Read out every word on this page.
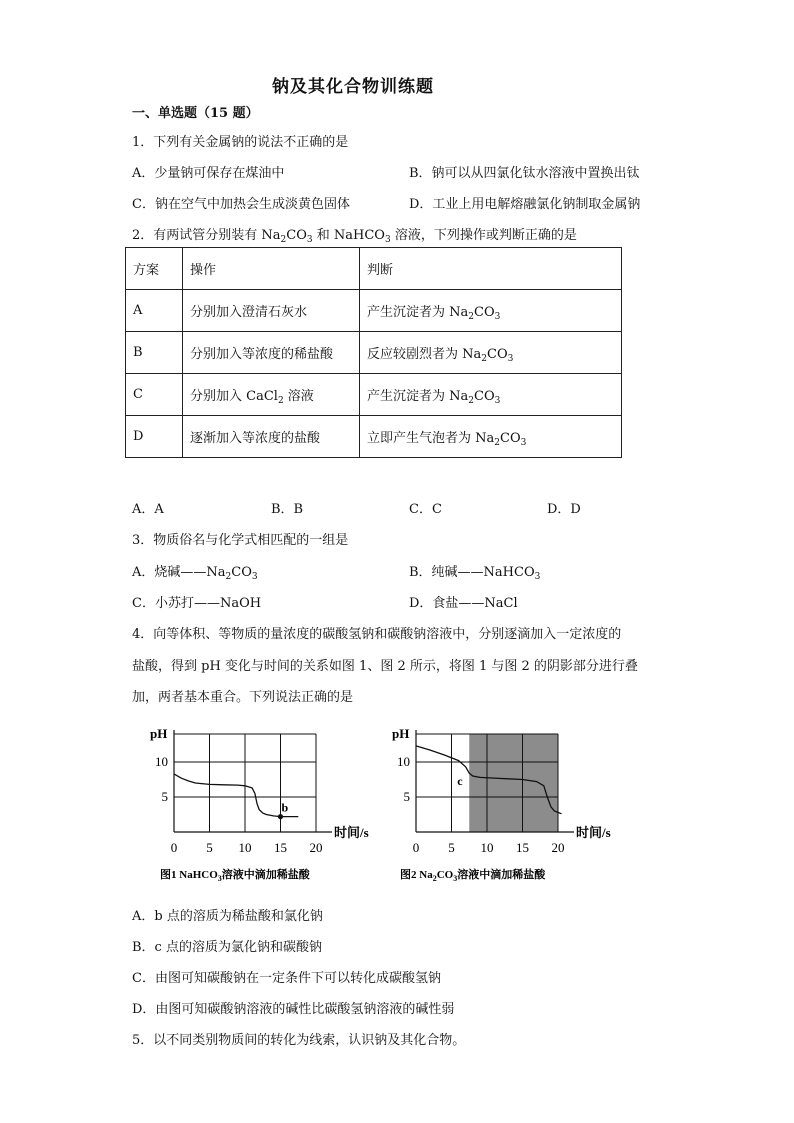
钠及其化合物训练题
一、单选题（15 题）
1．下列有关金属钠的说法不正确的是
A．少量钠可保存在煤油中	B．钠可以从四氯化钛水溶液中置换出钛
C．钠在空气中加热会生成淡黄色固体	D．工业上用电解熔融氯化钠制取金属钠
2．有两试管分别装有 $Na_2CO_3$ 和 NaHCO$_3$ 溶液，下列操作或判断正确的是
方案	操作	判断
A	分别加入澄清石灰水	产生沉淀者为 $Na_2CO_3$
B	分别加入等浓度的稀盐酸	反应较剧烈者为 $Na_2CO_3$
C	分别加入 CaCl$_2$ 溶液	产生沉淀者为 $Na_2CO_3$
D	逐渐加入等浓度的盐酸	立即产生气泡者为 $Na_2CO_3$
A．A	B．B	C．C	D．D
3．物质俗名与化学式相匹配的一组是
A．烧碱$——Na_2CO_3$	B．纯碱——NaHCO$_3$
C．小苏打——NaOH	D．食盐——NaCl
4．向等体积、等物质的量浓度的碳酸氢钠和碳酸钠溶液中，分别逐滴加入一定浓度的
盐酸，得到 pH 变化与时间的关系如图 1、图 2 所示，将图 1 与图 2 的阴影部分进行叠
加，两者基本重合。下列说法正确的是
pH
时间/s
0 5 10 15 20
5
10
b
图1 NaHCO$_3$溶液中滴加稀盐酸
pH
时间/s
0 5 10 15 20
5
10
c
图2 $Na_2CO_3$溶液中滴加稀盐酸
A．b 点的溶质为稀盐酸和氯化钠
B．c 点的溶质为氯化钠和碳酸钠
C．由图可知碳酸钠在一定条件下可以转化成碳酸氢钠
D．由图可知碳酸钠溶液的碱性比碳酸氢钠溶液的碱性弱
5．以不同类别物质间的转化为线索，认识钠及其化合物。
